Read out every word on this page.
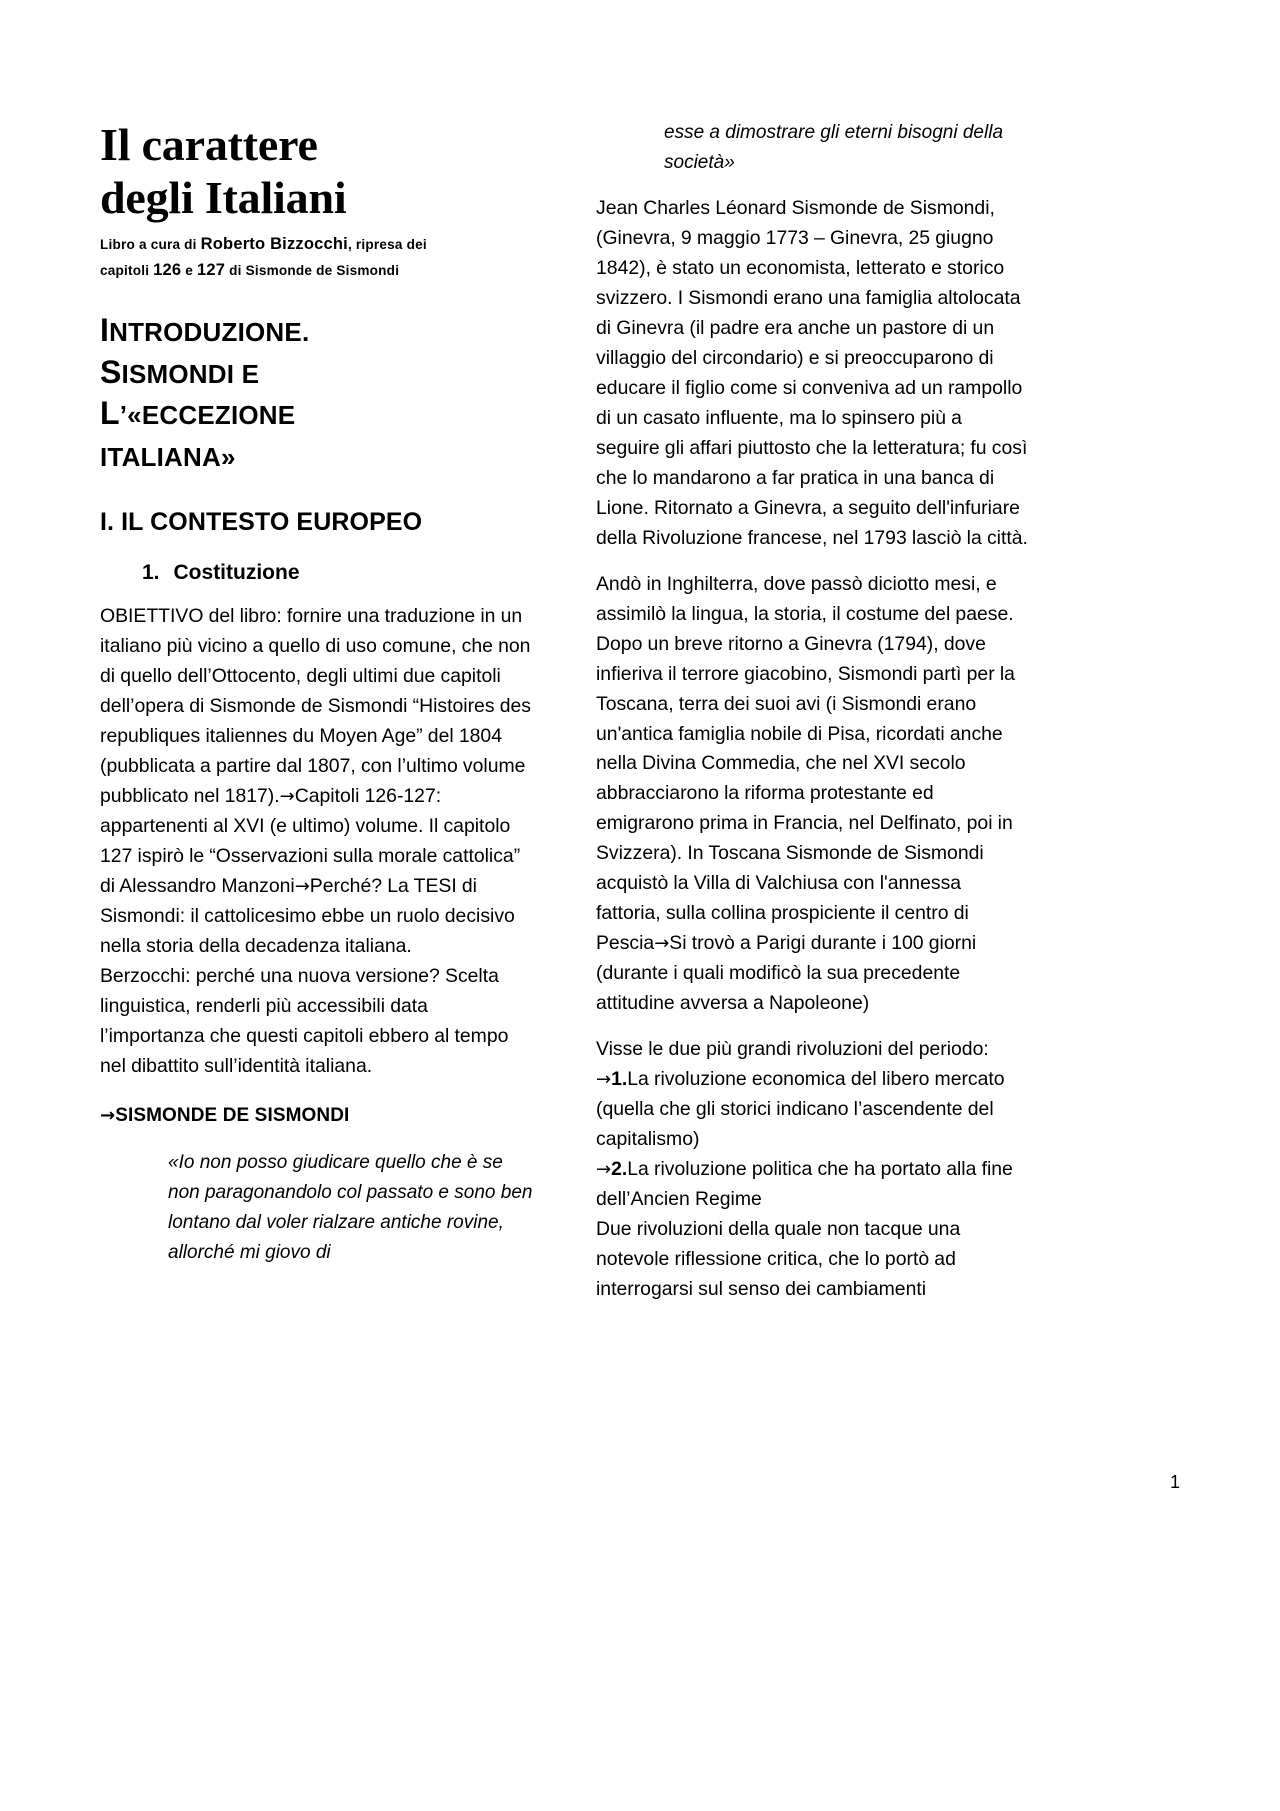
Il carattere
degli Italiani
Libro a cura di Roberto Bizzocchi, ripresa dei
capitoli 126 e 127 di Sismonde de Sismondi
INTRODUZIONE.
SISMONDI E
L’«ECCEZIONE
ITALIANA»
I. IL CONTESTO EUROPEO
1. Costituzione

OBIETTIVO del libro: fornire una traduzione in un italiano più vicino a quello di uso comune, che non di quello dell’Ottocento, degli ultimi due capitoli dell’opera di Sismonde de Sismondi “Histoires des republiques italiennes du Moyen Age” del 1804 (pubblicata a partire dal 1807, con l’ultimo volume pubblicato nel 1817).→Capitoli 126-127: appartenenti al XVI (e ultimo) volume. Il capitolo 127 ispirò le “Osservazioni sulla morale cattolica” di Alessandro Manzoni→Perché? La TESI di Sismondi: il cattolicesimo ebbe un ruolo decisivo nella storia della decadenza italiana.

Berzocchi: perché una nuova versione? Scelta linguistica, renderli più accessibili data l’importanza che questi capitoli ebbero al tempo nel dibattito sull’identità italiana.

→SISMONDE DE SISMONDI

«Io non posso giudicare quello che è se non paragonandolo col passato e sono ben lontano dal voler rialzare antiche rovine, allorché mi giovo di

esse a dimostrare gli eterni bisogni della società»

Jean Charles Léonard Sismonde de Sismondi, (Ginevra, 9 maggio 1773 – Ginevra, 25 giugno 1842), è stato un economista, letterato e storico svizzero. I Sismondi erano una famiglia altolocata di Ginevra (il padre era anche un pastore di un villaggio del circondario) e si preoccuparono di educare il figlio come si conveniva ad un rampollo di un casato influente, ma lo spinsero più a seguire gli affari piuttosto che la letteratura; fu così che lo mandarono a far pratica in una banca di Lione. Ritornato a Ginevra, a seguito dell'infuriare della Rivoluzione francese, nel 1793 lasciò la città.

Andò in Inghilterra, dove passò diciotto mesi, e assimilò la lingua, la storia, il costume del paese. Dopo un breve ritorno a Ginevra (1794), dove infieriva il terrore giacobino, Sismondi partì per la Toscana, terra dei suoi avi (i Sismondi erano un'antica famiglia nobile di Pisa, ricordati anche nella Divina Commedia, che nel XVI secolo abbracciarono la riforma protestante ed emigrarono prima in Francia, nel Delfinato, poi in Svizzera). In Toscana Sismonde de Sismondi acquistò la Villa di Valchiusa con l'annessa fattoria, sulla collina prospiciente il centro di Pescia→Si trovò a Parigi durante i 100 giorni (durante i quali modificò la sua precedente attitudine avversa a Napoleone)

Visse le due più grandi rivoluzioni del periodo:
→1.La rivoluzione economica del libero mercato (quella che gli storici indicano l’ascendente del capitalismo)
→2.La rivoluzione politica che ha portato alla fine dell’Ancien Regime
Due rivoluzioni della quale non tacque una notevole riflessione critica, che lo portò ad interrogarsi sul senso dei cambiamenti

1
